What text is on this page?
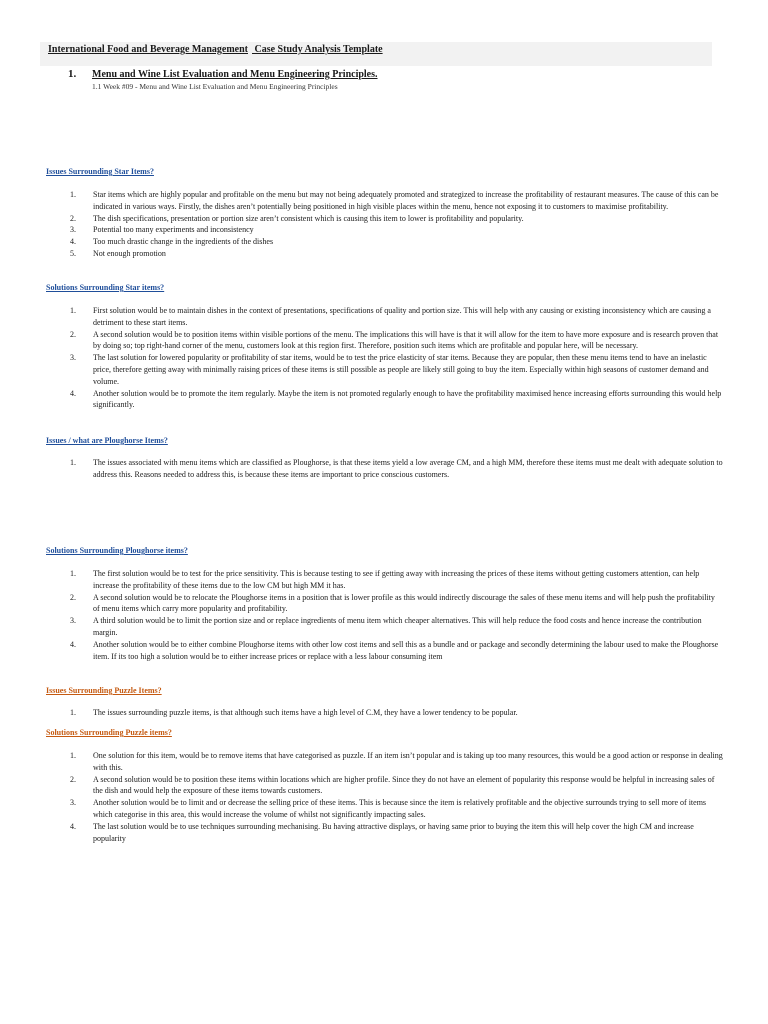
International Food and Beverage Management Case Study Analysis Template
1. Menu and Wine List Evaluation and Menu Engineering Principles.
1.1 Week #09 - Menu and Wine List Evaluation and Menu Engineering Principles
Issues Surrounding Star Items?
1. Star items which are highly popular and profitable on the menu but may not being adequately promoted and strategized to increase the profitability of restaurant measures. The cause of this can be indicated in various ways. Firstly, the dishes aren’t potentially being positioned in high visible places within the menu, hence not exposing it to customers to maximise profitability.
2. The dish specifications, presentation or portion size aren’t consistent which is causing this item to lower is profitability and popularity.
3. Potential too many experiments and inconsistency
4. Too much drastic change in the ingredients of the dishes
5. Not enough promotion
Solutions Surrounding Star items?
1. First solution would be to maintain dishes in the context of presentations, specifications of quality and portion size. This will help with any causing or existing inconsistency which are causing a detriment to these start items.
2. A second solution would be to position items within visible portions of the menu. The implications this will have is that it will allow for the item to have more exposure and is research proven that by doing so; top right-hand corner of the menu, customers look at this region first. Therefore, position such items which are profitable and popular here, will be necessary.
3. The last solution for lowered popularity or profitability of star items, would be to test the price elasticity of star items. Because they are popular, then these menu items tend to have an inelastic price, therefore getting away with minimally raising prices of these items is still possible as people are likely still going to buy the item. Especially within high seasons of customer demand and volume.
4. Another solution would be to promote the item regularly. Maybe the item is not promoted regularly enough to have the profitability maximised hence increasing efforts surrounding this would help significantly.
Issues / what are Ploughorse Items?
1. The issues associated with menu items which are classified as Ploughorse, is that these items yield a low average CM, and a high MM, therefore these items must me dealt with adequate solution to address this. Reasons needed to address this, is because these items are important to price conscious customers.
Solutions Surrounding Ploughorse items?
1. The first solution would be to test for the price sensitivity. This is because testing to see if getting away with increasing the prices of these items without getting customers attention, can help increase the profitability of these items due to the low CM but high MM it has.
2. A second solution would be to relocate the Ploughorse items in a position that is lower profile as this would indirectly discourage the sales of these menu items and will help push the profitability of menu items which carry more popularity and profitability.
3. A third solution would be to limit the portion size and or replace ingredients of menu item which cheaper alternatives. This will help reduce the food costs and hence increase the contribution margin.
4. Another solution would be to either combine Ploughorse items with other low cost items and sell this as a bundle and or package and secondly determining the labour used to make the Ploughorse item. If its too high a solution would be to either increase prices or replace with a less labour consuming item
Issues Surrounding Puzzle Items?
1. The issues surrounding puzzle items, is that although such items have a high level of C.M, they have a lower tendency to be popular.
Solutions Surrounding Puzzle items?
1. One solution for this item, would be to remove items that have categorised as puzzle. If an item isn’t popular and is taking up too many resources, this would be a good action or response in dealing with this.
2. A second solution would be to position these items within locations which are higher profile. Since they do not have an element of popularity this response would be helpful in increasing sales of the dish and would help the exposure of these items towards customers.
3. Another solution would be to limit and or decrease the selling price of these items. This is because since the item is relatively profitable and the objective surrounds trying to sell more of items which categorise in this area, this would increase the volume of whilst not significantly impacting sales.
4. The last solution would be to use techniques surrounding mechanising. Bu having attractive displays, or having same prior to buying the item this will help cover the high CM and increase popularity
